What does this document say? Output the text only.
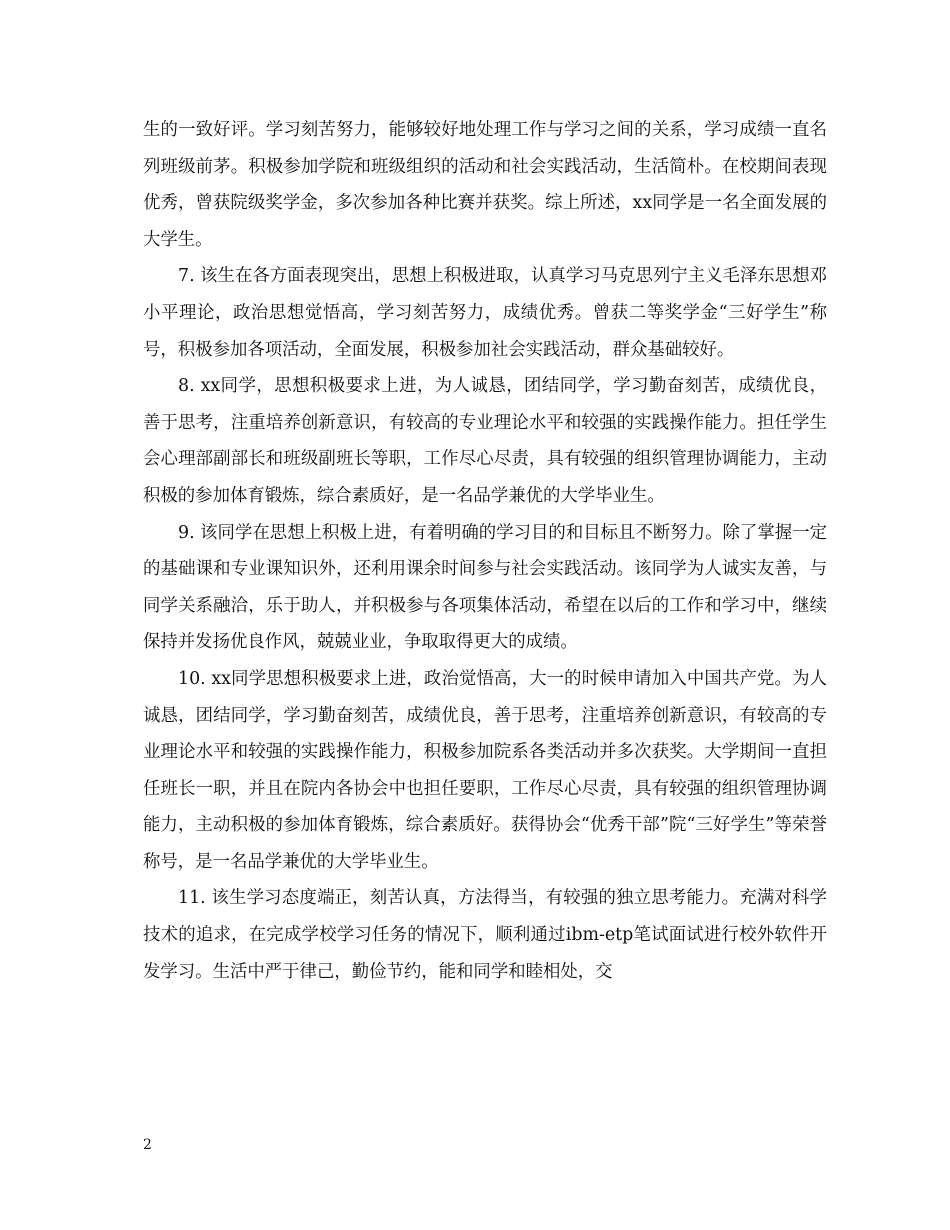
生的一致好评。学习刻苦努力，能够较好地处理工作与学习之间的关系，学习成绩一直名列班级前茅。积极参加学院和班级组织的活动和社会实践活动，生活简朴。在校期间表现优秀，曾获院级奖学金，多次参加各种比赛并获奖。综上所述，xx同学是一名全面发展的大学生。

7. 该生在各方面表现突出，思想上积极进取，认真学习马克思列宁主义毛泽东思想邓小平理论，政治思想觉悟高，学习刻苦努力，成绩优秀。曾获二等奖学金“三好学生”称号，积极参加各项活动，全面发展，积极参加社会实践活动，群众基础较好。

8. xx同学，思想积极要求上进，为人诚恳，团结同学，学习勤奋刻苦，成绩优良，善于思考，注重培养创新意识，有较高的专业理论水平和较强的实践操作能力。担任学生会心理部副部长和班级副班长等职，工作尽心尽责，具有较强的组织管理协调能力，主动积极的参加体育锻炼，综合素质好，是一名品学兼优的大学毕业生。

9. 该同学在思想上积极上进，有着明确的学习目的和目标且不断努力。除了掌握一定的基础课和专业课知识外，还利用课余时间参与社会实践活动。该同学为人诚实友善，与同学关系融洽，乐于助人，并积极参与各项集体活动，希望在以后的工作和学习中，继续保持并发扬优良作风，兢兢业业，争取取得更大的成绩。

10. xx同学思想积极要求上进，政治觉悟高，大一的时候申请加入中国共产党。为人诚恳，团结同学，学习勤奋刻苦，成绩优良，善于思考，注重培养创新意识，有较高的专业理论水平和较强的实践操作能力，积极参加院系各类活动并多次获奖。大学期间一直担任班长一职，并且在院内各协会中也担任要职，工作尽心尽责，具有较强的组织管理协调能力，主动积极的参加体育锻炼，综合素质好。获得协会“优秀干部”院“三好学生”等荣誉称号，是一名品学兼优的大学毕业生。

11. 该生学习态度端正，刻苦认真，方法得当，有较强的独立思考能力。充满对科学技术的追求，在完成学校学习任务的情况下，顺利通过ibm-etp笔试面试进行校外软件开发学习。生活中严于律己，勤俭节约，能和同学和睦相处，交

2
